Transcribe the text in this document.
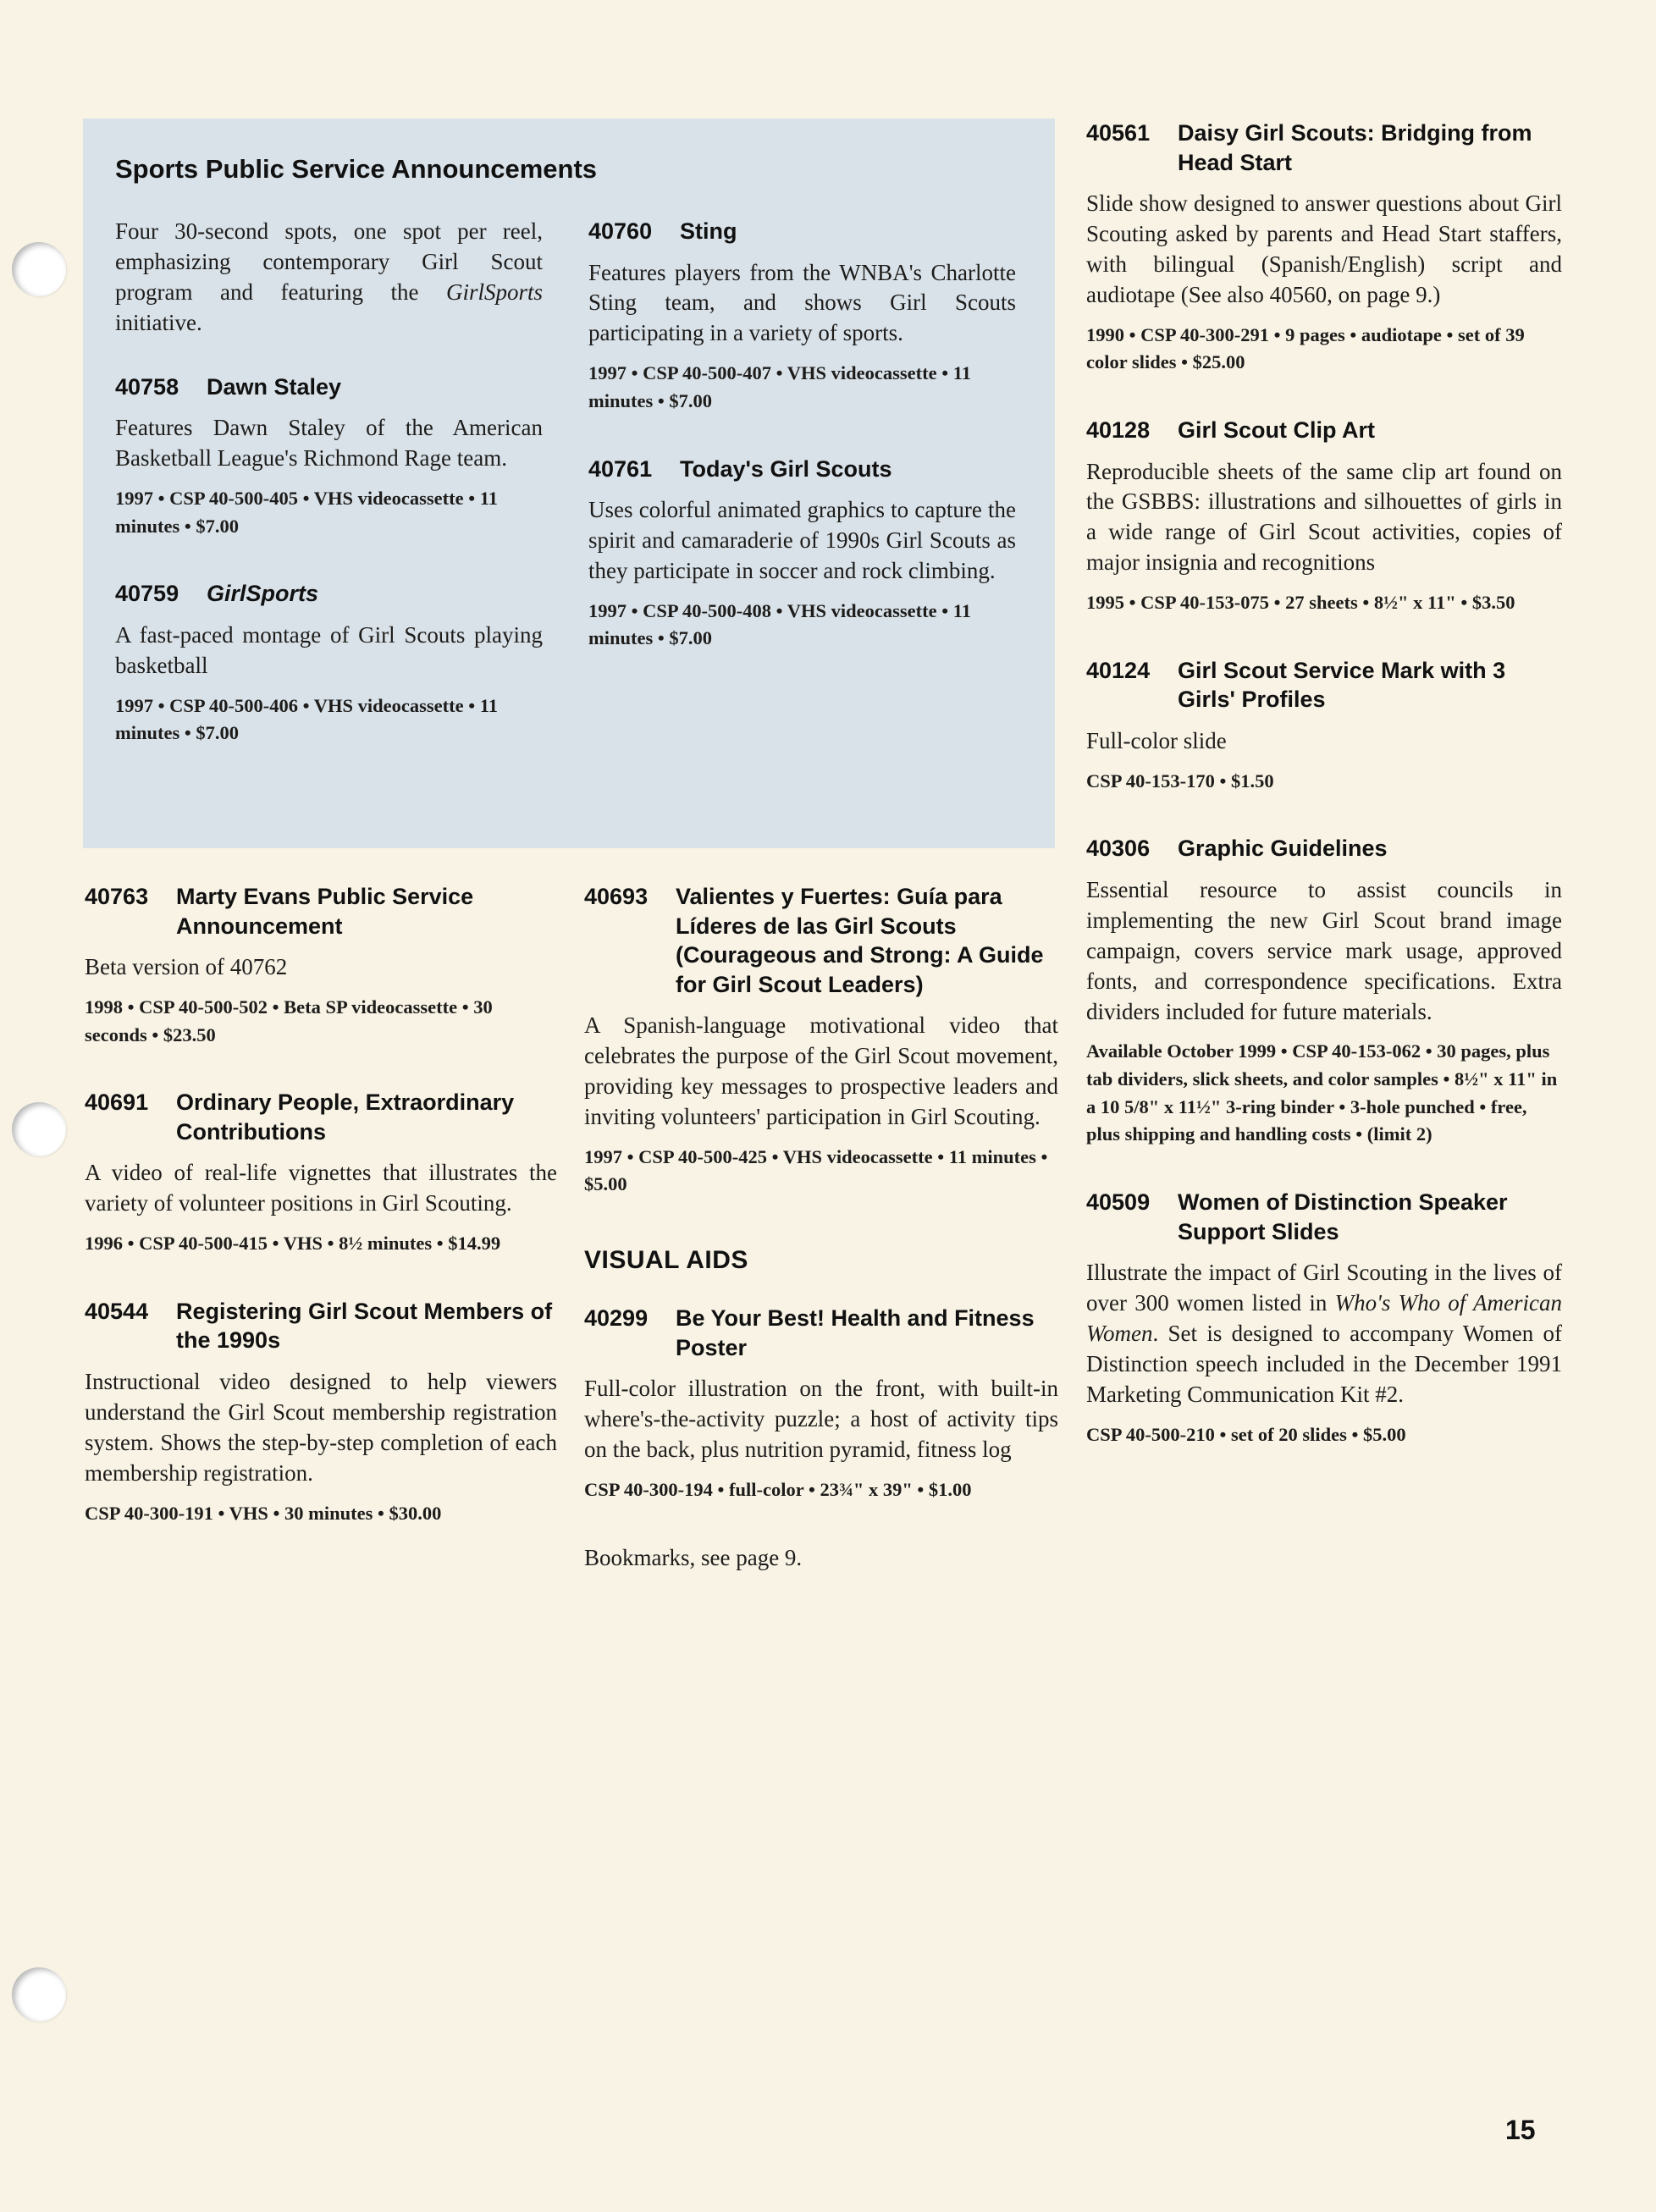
Sports Public Service Announcements

Four 30-second spots, one spot per reel, emphasizing contemporary Girl Scout program and featuring the GirlSports initiative.

40758	Dawn Staley

Features Dawn Staley of the American Basketball League's Richmond Rage team.

1997 • CSP 40-500-405 • VHS videocassette • 11 minutes • $7.00

40759	GirlSports

A fast-paced montage of Girl Scouts playing basketball

1997 • CSP 40-500-406 • VHS videocassette • 11 minutes • $7.00

40760	Sting

Features players from the WNBA's Charlotte Sting team, and shows Girl Scouts participating in a variety of sports.

1997 • CSP 40-500-407 • VHS videocassette • 11 minutes • $7.00

40761	Today's Girl Scouts

Uses colorful animated graphics to capture the spirit and camaraderie of 1990s Girl Scouts as they participate in soccer and rock climbing.

1997 • CSP 40-500-408 • VHS videocassette • 11 minutes • $7.00

40763	Marty Evans Public Service Announcement

Beta version of 40762

1998 • CSP 40-500-502 • Beta SP videocassette • 30 seconds • $23.50

40691	Ordinary People, Extraordinary Contributions

A video of real-life vignettes that illustrates the variety of volunteer positions in Girl Scouting.

1996 • CSP 40-500-415 • VHS • 8½ minutes • $14.99

40544	Registering Girl Scout Members of the 1990s

Instructional video designed to help viewers understand the Girl Scout membership registration system. Shows the step-by-step completion of each membership registration.

CSP 40-300-191 • VHS • 30 minutes • $30.00

40693	Valientes y Fuertes: Guía para Líderes de las Girl Scouts (Courageous and Strong: A Guide for Girl Scout Leaders)

A Spanish-language motivational video that celebrates the purpose of the Girl Scout movement, providing key messages to prospective leaders and inviting volunteers' participation in Girl Scouting.

1997 • CSP 40-500-425 • VHS videocassette • 11 minutes • $5.00

VISUAL AIDS
40299	Be Your Best! Health and Fitness Poster

Full-color illustration on the front, with built-in where's-the-activity puzzle; a host of activity tips on the back, plus nutrition pyramid, fitness log

CSP 40-300-194 • full-color • 23¾" x 39" • $1.00

Bookmarks, see page 9.

40561	Daisy Girl Scouts: Bridging from Head Start

Slide show designed to answer questions about Girl Scouting asked by parents and Head Start staffers, with bilingual (Spanish/English) script and audiotape (See also 40560, on page 9.)

1990 • CSP 40-300-291 • 9 pages • audiotape • set of 39 color slides • $25.00

40128	Girl Scout Clip Art

Reproducible sheets of the same clip art found on the GSBBS: illustrations and silhouettes of girls in a wide range of Girl Scout activities, copies of major insignia and recognitions

1995 • CSP 40-153-075 • 27 sheets • 8½" x 11" • $3.50

40124	Girl Scout Service Mark with 3 Girls' Profiles

Full-color slide

CSP 40-153-170 • $1.50

40306	Graphic Guidelines

Essential resource to assist councils in implementing the new Girl Scout brand image campaign, covers service mark usage, approved fonts, and correspondence specifications. Extra dividers included for future materials.

Available October 1999 • CSP 40-153-062 • 30 pages, plus tab dividers, slick sheets, and color samples • 8½" x 11" in a 10 5/8" x 11½" 3-ring binder • 3-hole punched • free, plus shipping and handling costs • (limit 2)

40509	Women of Distinction Speaker Support Slides

Illustrate the impact of Girl Scouting in the lives of over 300 women listed in Who's Who of American Women. Set is designed to accompany Women of Distinction speech included in the December 1991 Marketing Communication Kit #2.

CSP 40-500-210 • set of 20 slides • $5.00

15
